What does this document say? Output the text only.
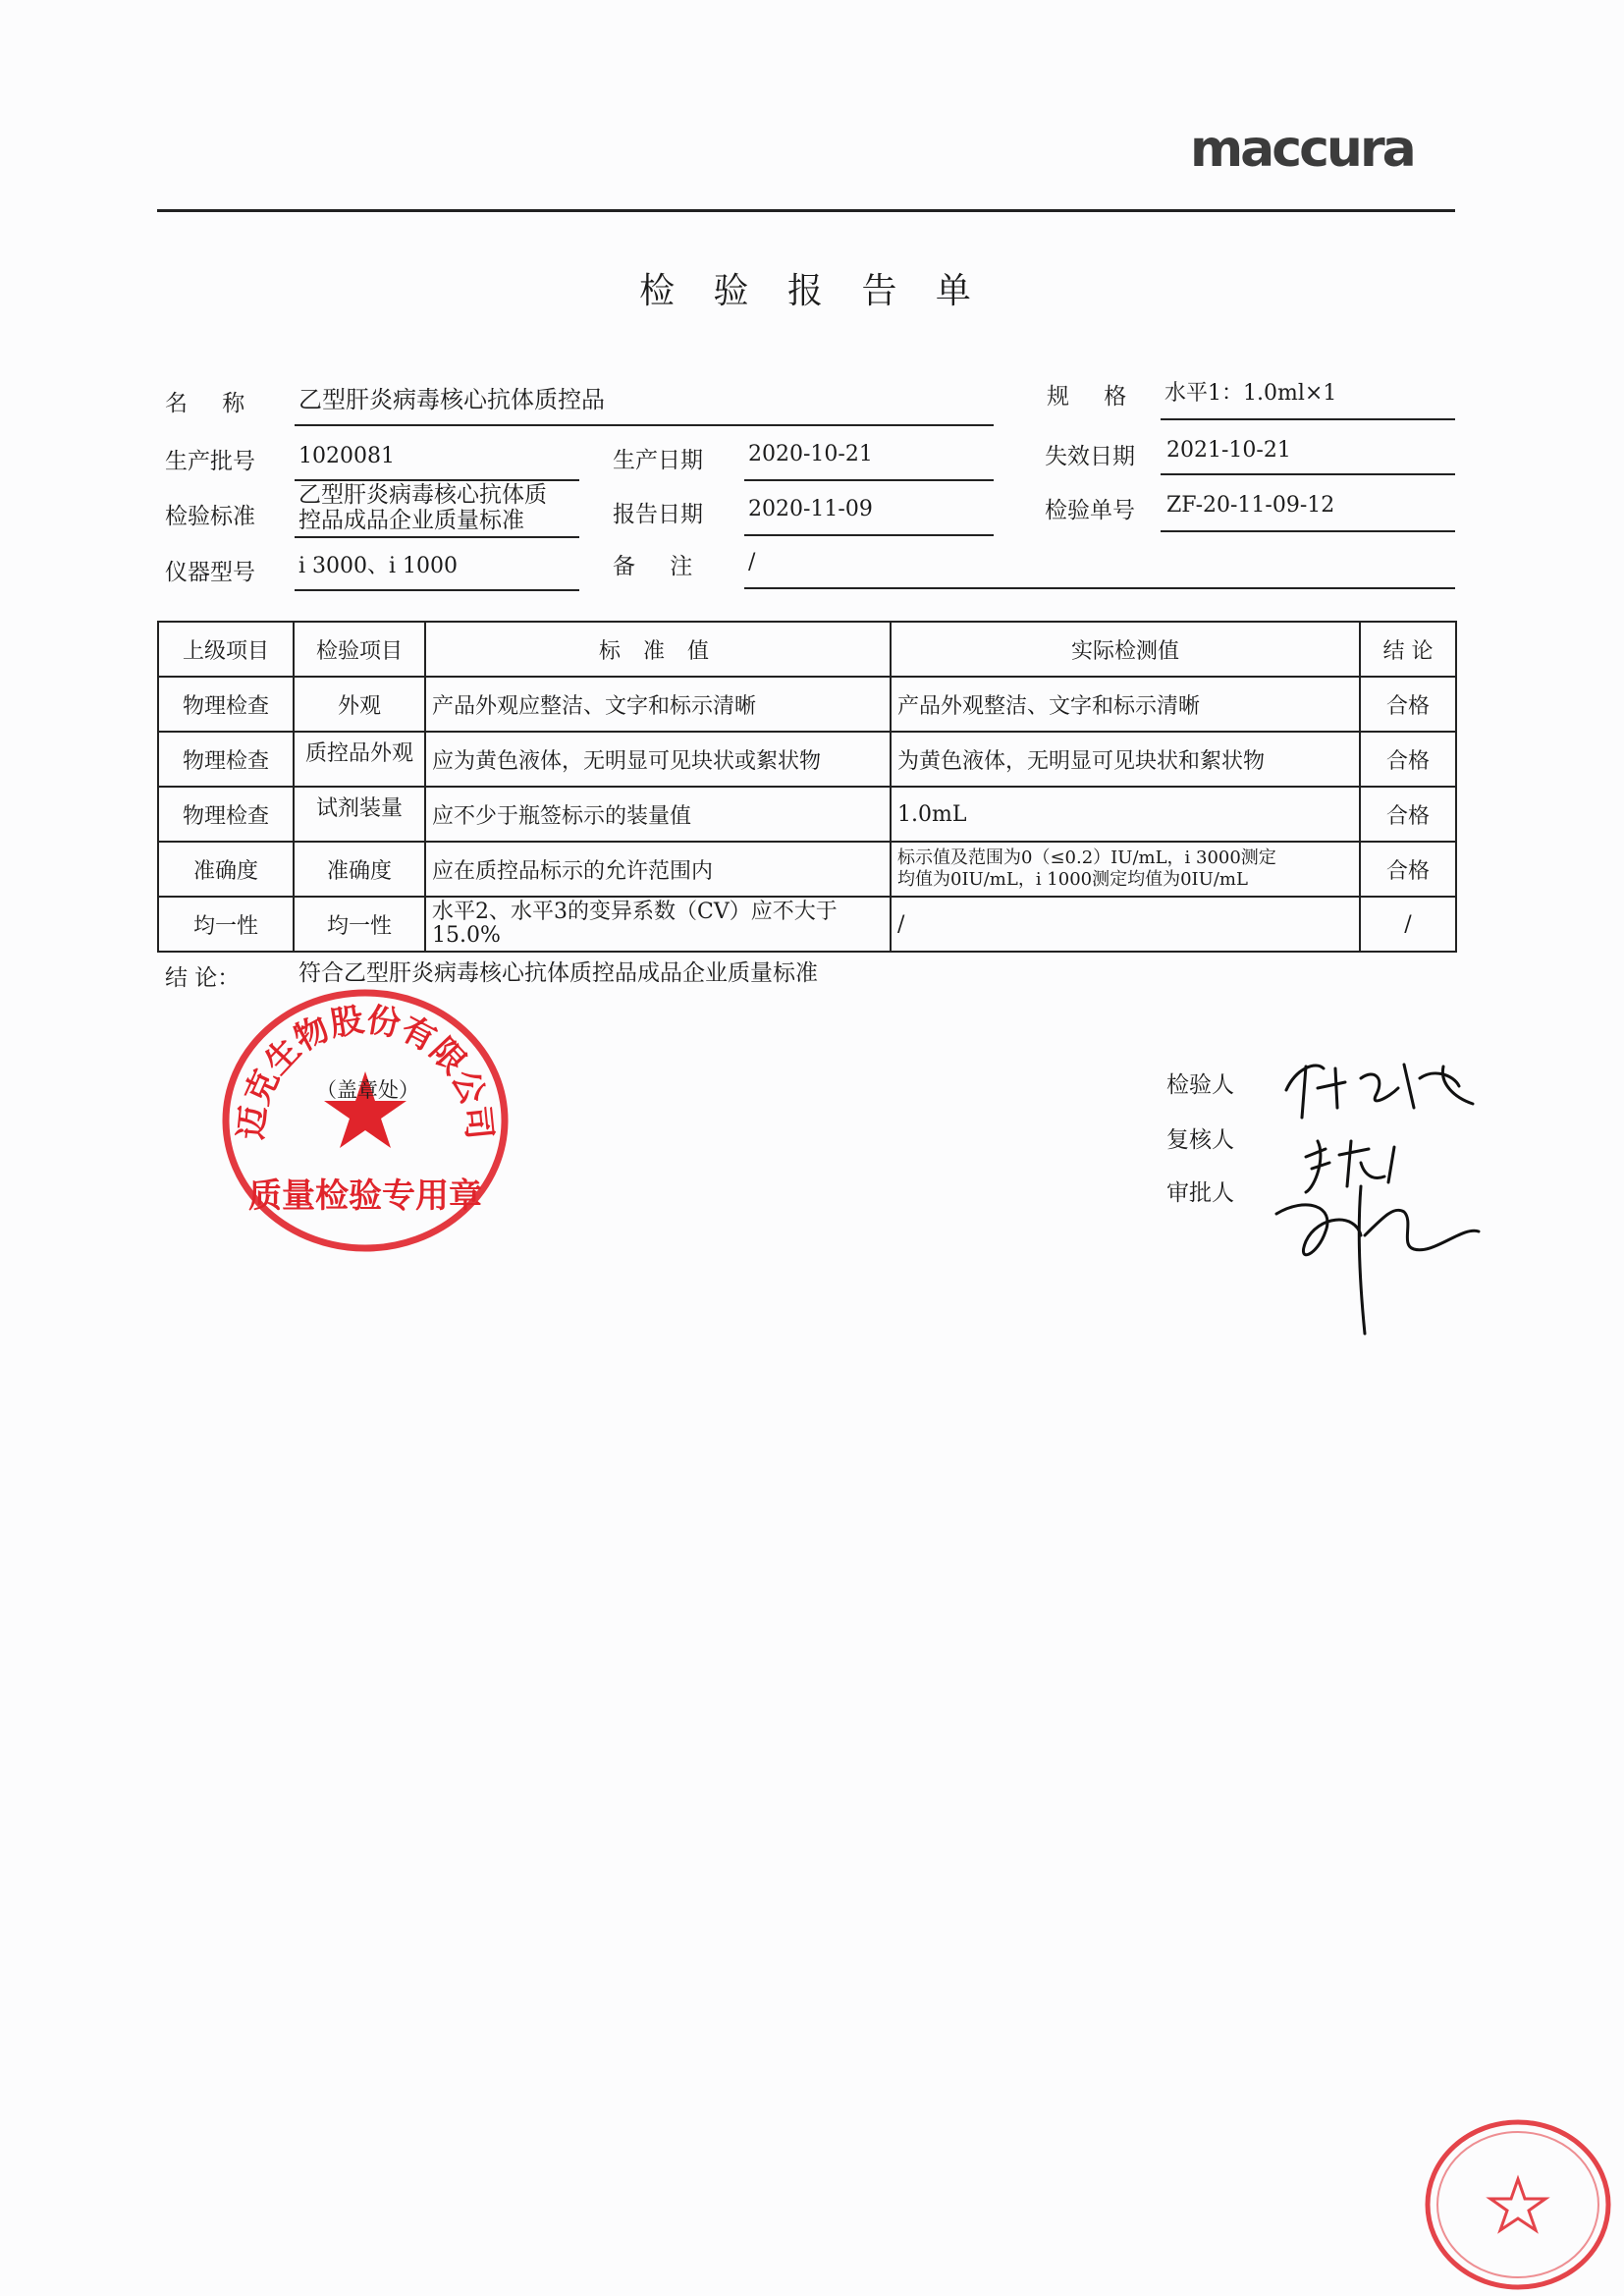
maccura
检 验 报 告 单
名 称 乙型肝炎病毒核心抗体质控品	规 格 水平1：1.0ml×1
生产批号 1020081	生产日期 2020-10-21	失效日期 2021-10-21
检验标准
乙型肝炎病毒核心抗体质
控品成品企业质量标准	报告日期 2020-11-09	检验单号 ZF-20-11-09-12
仪器型号 i 3000、i 1000	备 注 /
上级项目	检验项目	标 准 值	实际检测值	结 论
物理检查	外观	产品外观应整洁、文字和标示清晰	产品外观整洁、文字和标示清晰	合格
物理检查	质控品外观	应为黄色液体，无明显可见块状或絮状物	为黄色液体，无明显可见块状和絮状物	合格
物理检查	试剂装量	应不少于瓶签标示的装量值	1.0mL	合格
准确度	准确度	应在质控品标示的允许范围内	标示值及范围为0（≤0.2）IU/mL，i 3000测定
均值为0IU/mL，i 1000测定均值为0IU/mL	合格
均一性	均一性	水平2、水平3的变异系数（CV）应不大于
15.0%	/	/
结 论：	符合乙型肝炎病毒核心抗体质控品成品企业质量标准
迈克生物股份有限公司
质量检验专用章
（盖章处）	检验人
复核人
审批人
